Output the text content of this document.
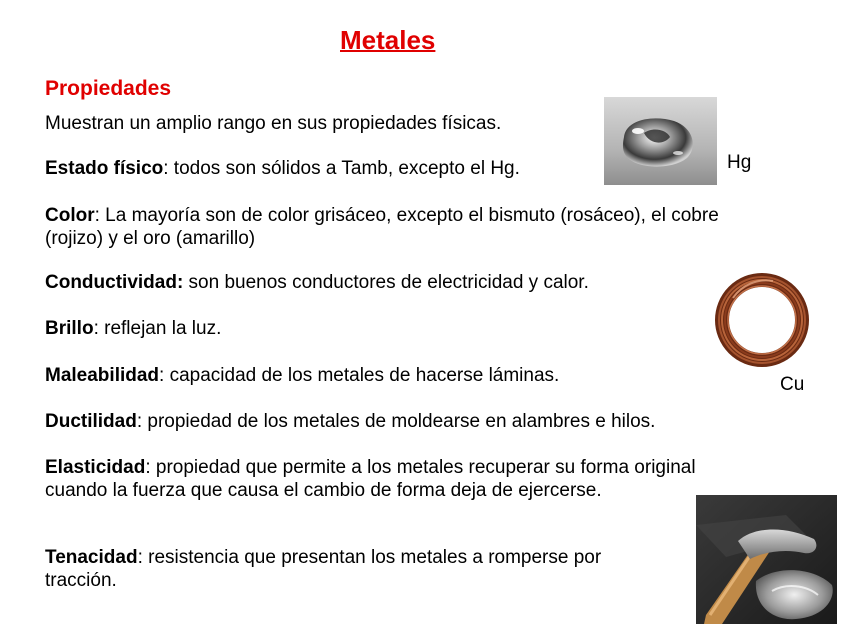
Metales
Propiedades
Muestran un amplio rango en sus propiedades físicas.
Estado físico: todos son sólidos a Tamb, excepto el Hg.
Color: La mayoría son de color grisáceo, excepto el bismuto (rosáceo), el cobre (rojizo) y el oro (amarillo)
Conductividad: son buenos conductores de electricidad y calor.
Brillo: reflejan la luz.
Maleabilidad: capacidad de los metales de hacerse láminas.
Ductilidad: propiedad de los metales de moldearse en alambres e hilos.
Elasticidad: propiedad que permite a los metales recuperar su forma original cuando la fuerza que causa el cambio de forma deja de ejercerse.
Tenacidad: resistencia que presentan los metales a romperse por tracción.
Hg
Cu
